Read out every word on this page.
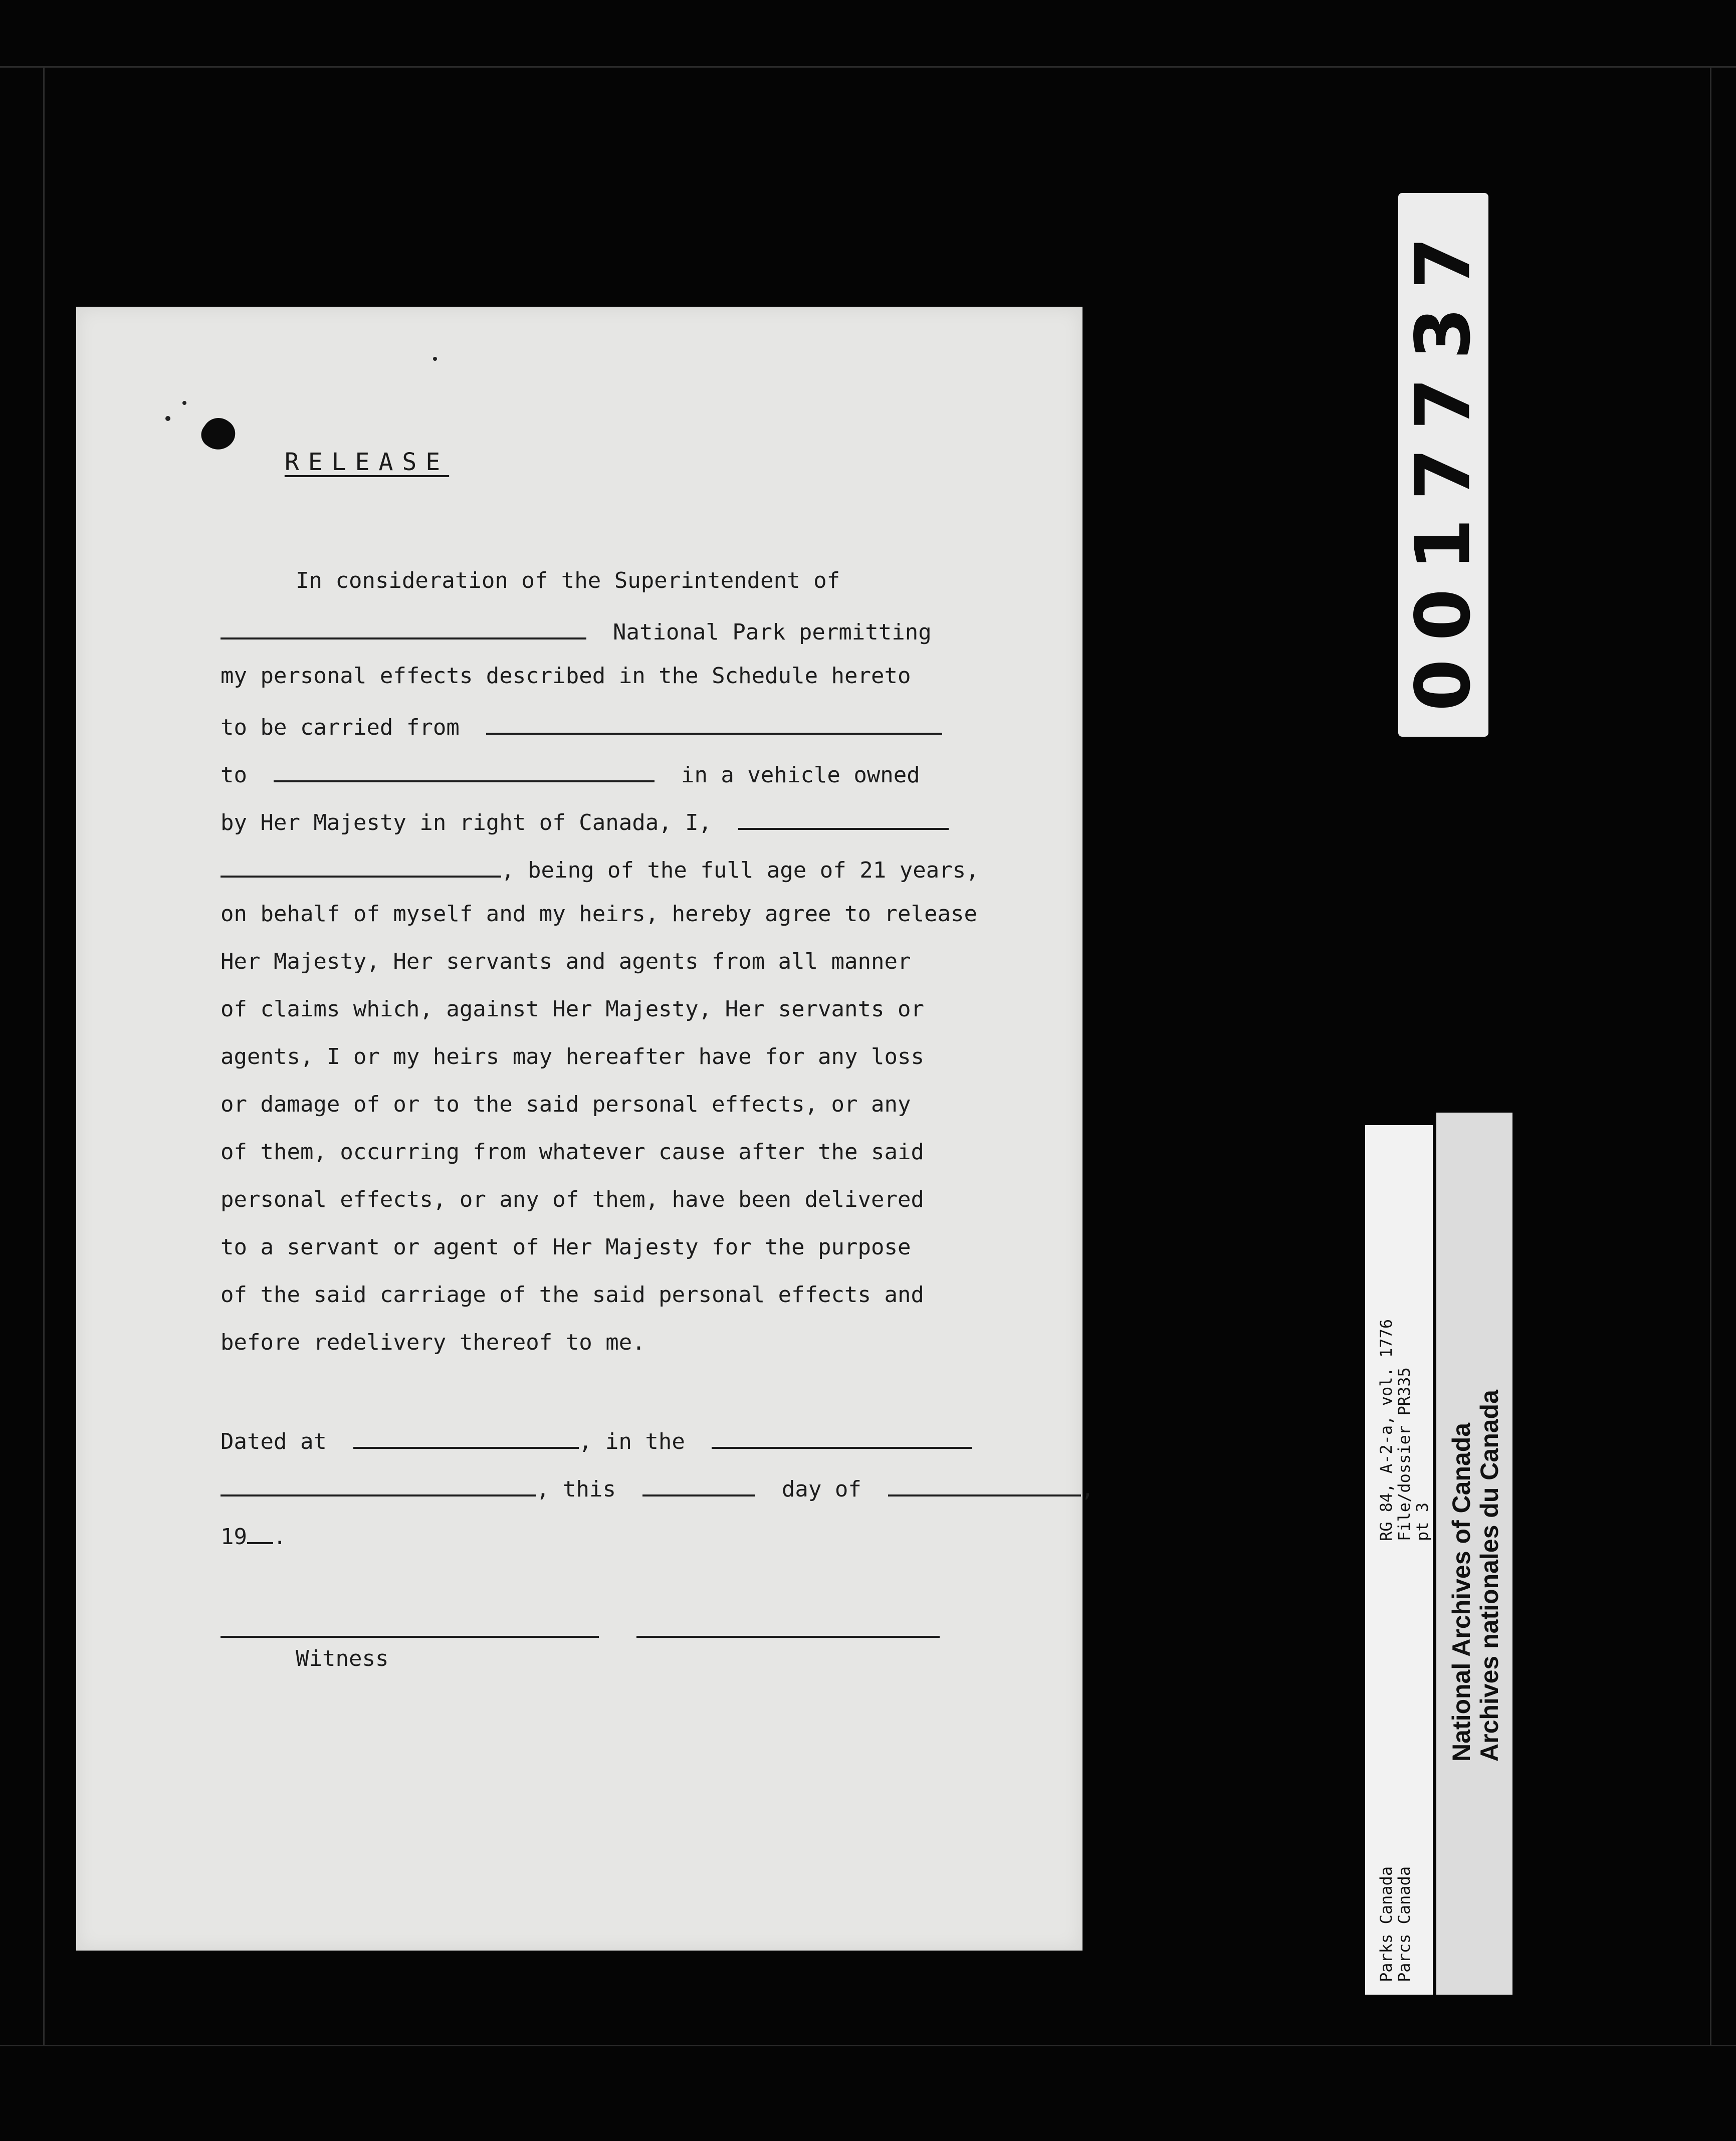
RELEASE
In consideration of the Superintendent of
National Park permitting
my personal effects described in the Schedule hereto
to be carried from
to	in a vehicle owned
by Her Majesty in right of Canada, I,
, being of the full age of 21 years,
on behalf of myself and my heirs, hereby agree to release
Her Majesty, Her servants and agents from all manner
of claims which, against Her Majesty, Her servants or
agents, I or my heirs may hereafter have for any loss
or damage of or to the said personal effects, or any
of them, occurring from whatever cause after the said
personal effects, or any of them, have been delivered
to a servant or agent of Her Majesty for the purpose
of the said carriage of the said personal effects and
before redelivery thereof to me.
Dated at	, in the
, this	day of	,
19 .
Witness
0017737
RG 84, A-2-a, vol. 1776
File/dossier PR335
pt 3
Parks Canada
Parcs Canada
National Archives of Canada Archives nationales du Canada
